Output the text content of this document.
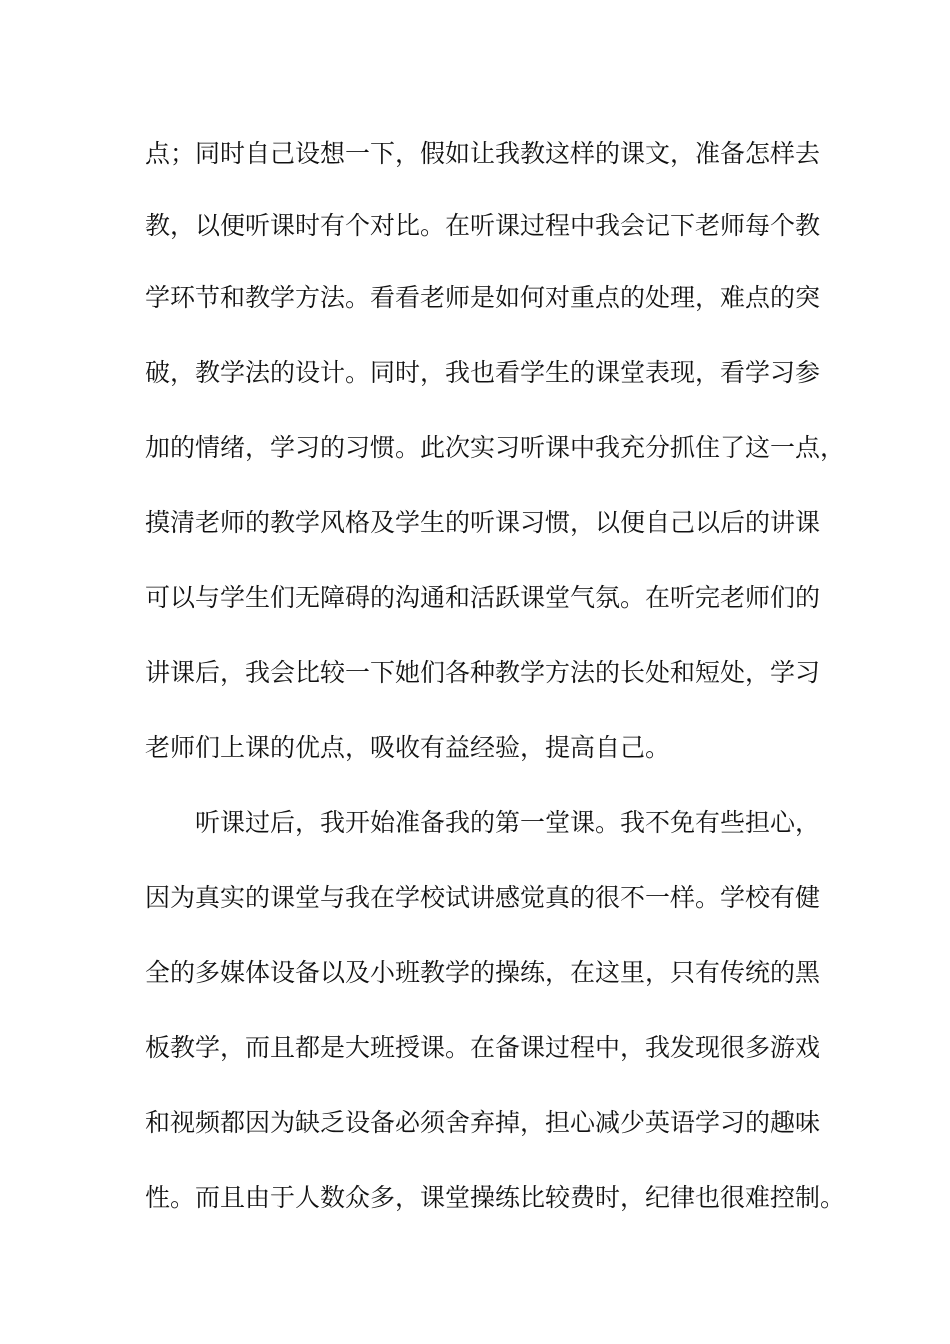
点；同时自己设想一下，假如让我教这样的课文，准备怎样去
教，以便听课时有个对比。在听课过程中我会记下老师每个教
学环节和教学方法。看看老师是如何对重点的处理，难点的突
破，教学法的设计。同时，我也看学生的课堂表现，看学习参
加的情绪，学习的习惯。此次实习听课中我充分抓住了这一点，
摸清老师的教学风格及学生的听课习惯，以便自己以后的讲课
可以与学生们无障碍的沟通和活跃课堂气氛。在听完老师们的
讲课后，我会比较一下她们各种教学方法的长处和短处，学习
老师们上课的优点，吸收有益经验，提高自己。
听课过后，我开始准备我的第一堂课。我不免有些担心，
因为真实的课堂与我在学校试讲感觉真的很不一样。学校有健
全的多媒体设备以及小班教学的操练，在这里，只有传统的黑
板教学，而且都是大班授课。在备课过程中，我发现很多游戏
和视频都因为缺乏设备必须舍弃掉，担心减少英语学习的趣味
性。而且由于人数众多，课堂操练比较费时，纪律也很难控制。
